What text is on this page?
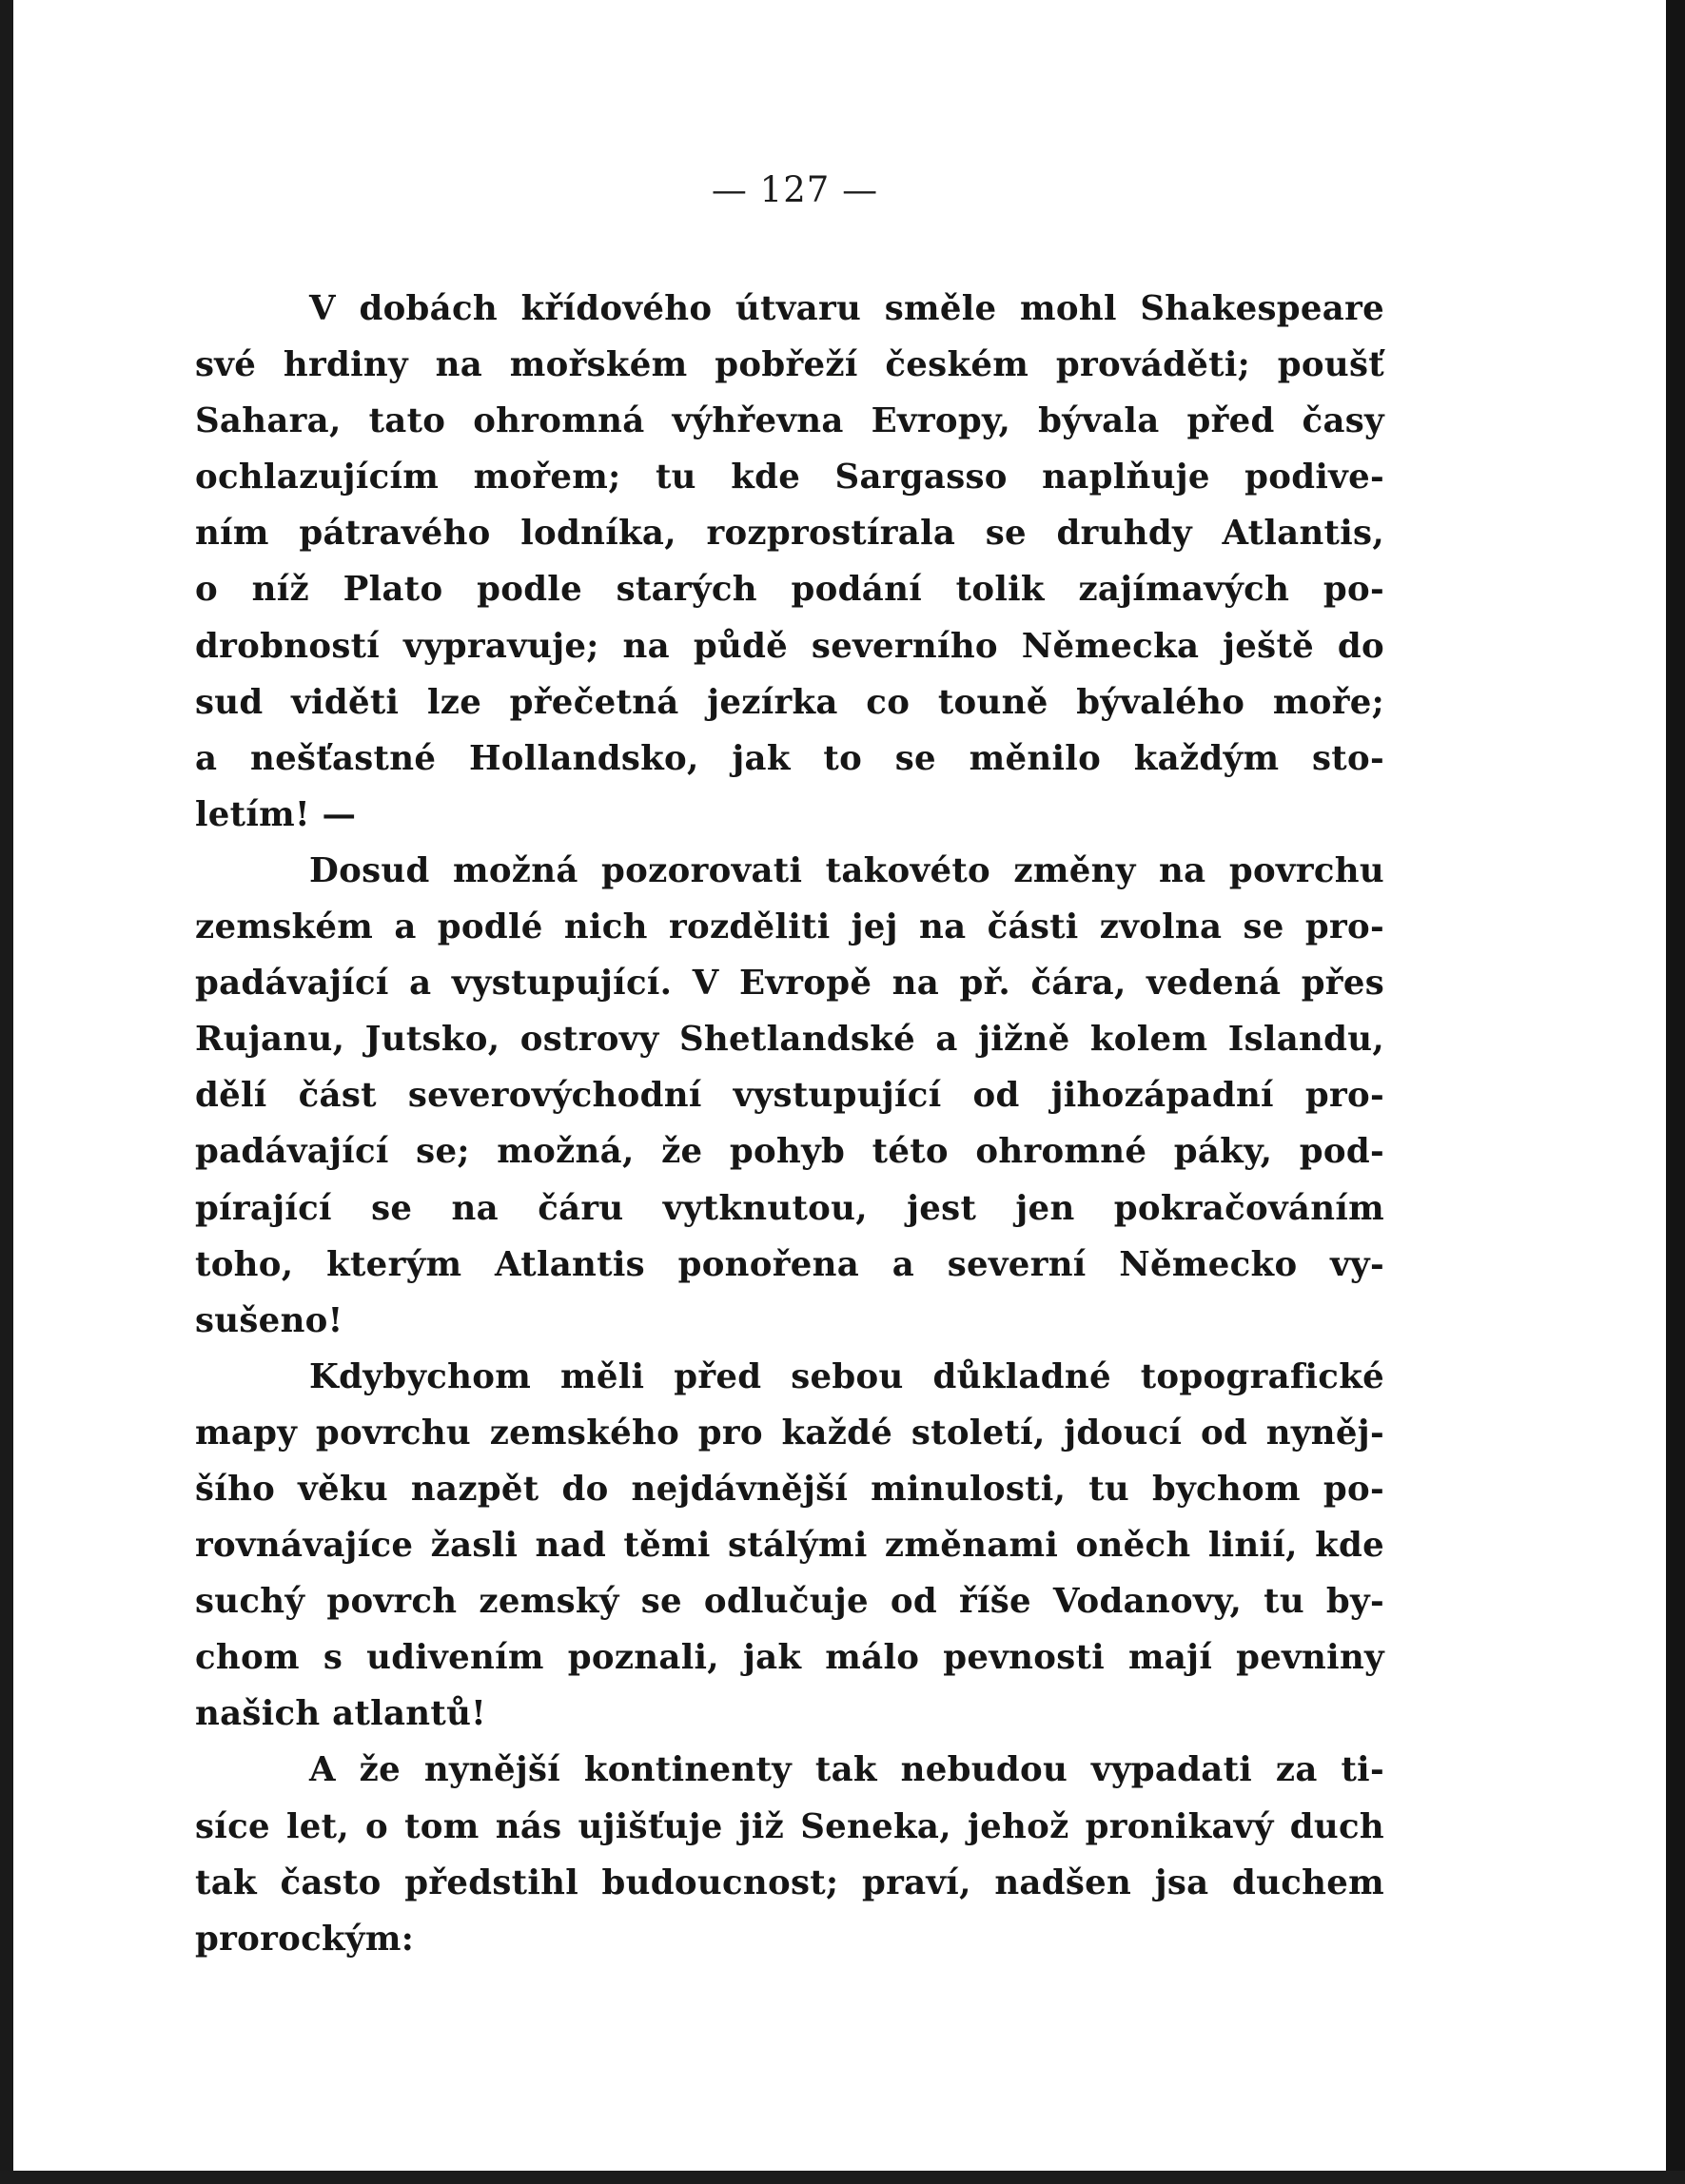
— 127 —
V dobách křídového útvaru směle mohl Shakespeare
své hrdiny na mořském pobřeží českém prováděti; poušť
Sahara, tato ohromná výhřevna Evropy, bývala před časy
ochlazujícím mořem; tu kde Sargasso naplňuje podive-
ním pátravého lodníka, rozprostírala se druhdy Atlantis,
o níž Plato podle starých podání tolik zajímavých po-
drobností vypravuje; na půdě severního Německa ještě do
sud viděti lze přečetná jezírka co touně bývalého moře;
a nešťastné Hollandsko, jak to se měnilo každým sto-
letím! —
Dosud možná pozorovati takovéto změny na povrchu
zemském a podlé nich rozděliti jej na části zvolna se pro-
padávající a vystupující. V Evropě na př. čára, vedená přes
Rujanu, Jutsko, ostrovy Shetlandské a jižně kolem Islandu,
dělí část severovýchodní vystupující od jihozápadní pro-
padávající se; možná, že pohyb této ohromné páky, pod-
pírající se na čáru vytknutou, jest jen pokračováním
toho, kterým Atlantis ponořena a severní Německo vy-
sušeno!
Kdybychom měli před sebou důkladné topografické
mapy povrchu zemského pro každé století, jdoucí od nyněj-
šího věku nazpět do nejdávnější minulosti, tu bychom po-
rovnávajíce žasli nad těmi stálými změnami oněch linií, kde
suchý povrch zemský se odlučuje od říše Vodanovy, tu by-
chom s udivením poznali, jak málo pevnosti mají pevniny
našich atlantů!
A že nynější kontinenty tak nebudou vypadati za ti-
síce let, o tom nás ujišťuje již Seneka, jehož pronikavý duch
tak často předstihl budoucnost; praví, nadšen jsa duchem
prorockým:
